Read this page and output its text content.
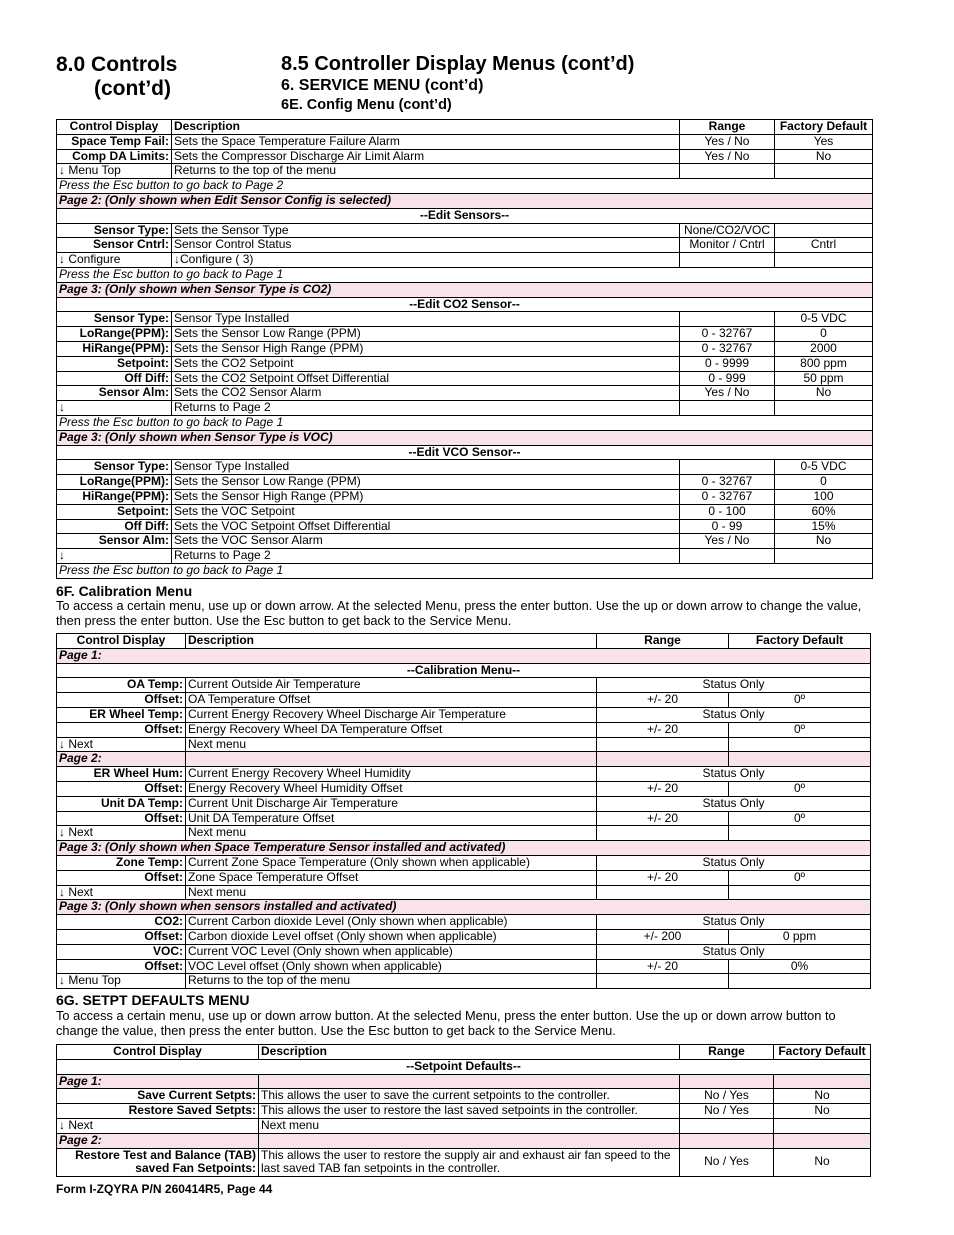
8.0 Controls
(cont’d)
8.5 Controller Display Menus (cont’d)
6. SERVICE MENU (cont’d)
6E. Config Menu (cont’d)
Control Display	Description	Range	Factory Default
Space Temp Fail:	Sets the Space Temperature Failure Alarm	Yes / No	Yes
Comp DA Limits:	Sets the Compressor Discharge Air Limit Alarm	Yes / No	No
↓ Menu Top	Returns to the top of the menu		
Press the Esc button to go back to Page 2			
Page 2: (Only shown when Edit Sensor Config is selected)			
--Edit Sensors--			
Sensor Type:	Sets the Sensor Type	None/CO2/VOC	
Sensor Cntrl:	Sensor Control Status	Monitor / Cntrl	Cntrl
↓ Configure	↓Configure ( 3)		
Press the Esc button to go back to Page 1			
Page 3: (Only shown when Sensor Type is CO2)			
--Edit CO2 Sensor--			
Sensor Type:	Sensor Type Installed		0-5 VDC
LoRange(PPM):	Sets the Sensor Low Range (PPM)	0 - 32767	0
HiRange(PPM):	Sets the Sensor High Range (PPM)	0 - 32767	2000
Setpoint:	Sets the CO2 Setpoint	0 - 9999	800 ppm
Off Diff:	Sets the CO2 Setpoint Offset Differential	0 - 999	50 ppm
Sensor Alm:	Sets the CO2 Sensor Alarm	Yes / No	No
↓	Returns to Page 2		
Press the Esc button to go back to Page 1			
Page 3: (Only shown when Sensor Type is VOC)			
--Edit VCO Sensor--			
Sensor Type:	Sensor Type Installed		0-5 VDC
LoRange(PPM):	Sets the Sensor Low Range (PPM)	0 - 32767	0
HiRange(PPM):	Sets the Sensor High Range (PPM)	0 - 32767	100
Setpoint:	Sets the VOC Setpoint	0 - 100	60%
Off Diff:	Sets the VOC Setpoint Offset Differential	0 - 99	15%
Sensor Alm:	Sets the VOC Sensor Alarm	Yes / No	No
↓	Returns to Page 2		
Press the Esc button to go back to Page 1			
6F. Calibration Menu
To access a certain menu, use up or down arrow. At the selected Menu, press the enter button. Use the up or down arrow to change the value, then press the enter button. Use the Esc button to get back to the Service Menu.
Control Display	Description	Range	Factory Default
Page 1:			
--Calibration Menu--			
OA Temp:	Current Outside Air Temperature	Status Only	
Offset:	OA Temperature Offset	+/- 20	0º
ER Wheel Temp:	Current Energy Recovery Wheel Discharge Air Temperature	Status Only	
Offset:	Energy Recovery Wheel DA Temperature Offset	+/- 20	0º
↓ Next	Next menu		
Page 2:			
ER Wheel Hum:	Current Energy Recovery Wheel Humidity	Status Only	
Offset:	Energy Recovery Wheel Humidity Offset	+/- 20	0º
Unit DA Temp:	Current Unit Discharge Air Temperature	Status Only	
Offset:	Unit DA Temperature Offset	+/- 20	0º
↓ Next	Next menu		
Page 3: (Only shown when Space Temperature Sensor installed and activated)			
Zone Temp:	Current Zone Space Temperature (Only shown when applicable)	Status Only	
Offset:	Zone Space Temperature Offset	+/- 20	0º
↓ Next	Next menu		
Page 3: (Only shown when sensors installed and activated)			
CO2:	Current Carbon dioxide Level (Only shown when applicable)	Status Only	
Offset:	Carbon dioxide Level offset (Only shown when applicable)	+/- 200	0 ppm
VOC:	Current VOC Level (Only shown when applicable)	Status Only	
Offset:	VOC Level offset (Only shown when applicable)	+/- 20	0%
↓ Menu Top	Returns to the top of the menu		
6G. SETPT DEFAULTS MENU
To access a certain menu, use up or down arrow button. At the selected Menu, press the enter button. Use the up or down arrow button to change the value, then press the enter button. Use the Esc button to get back to the Service Menu.
Control Display	Description	Range	Factory Default
--Setpoint Defaults--			
Page 1:			
Save Current Setpts:	This allows the user to save the current setpoints to the controller.	No / Yes	No
Restore Saved Setpts:	This allows the user to restore the last saved setpoints in the controller.	No / Yes	No
↓ Next	Next menu		
Page 2:			
Restore Test and Balance (TAB) saved Fan Setpoints:	This allows the user to restore the supply air and exhaust air fan speed to the last saved TAB fan setpoints in the controller.	No / Yes	No
Form I-ZQYRA P/N 260414R5, Page 44
